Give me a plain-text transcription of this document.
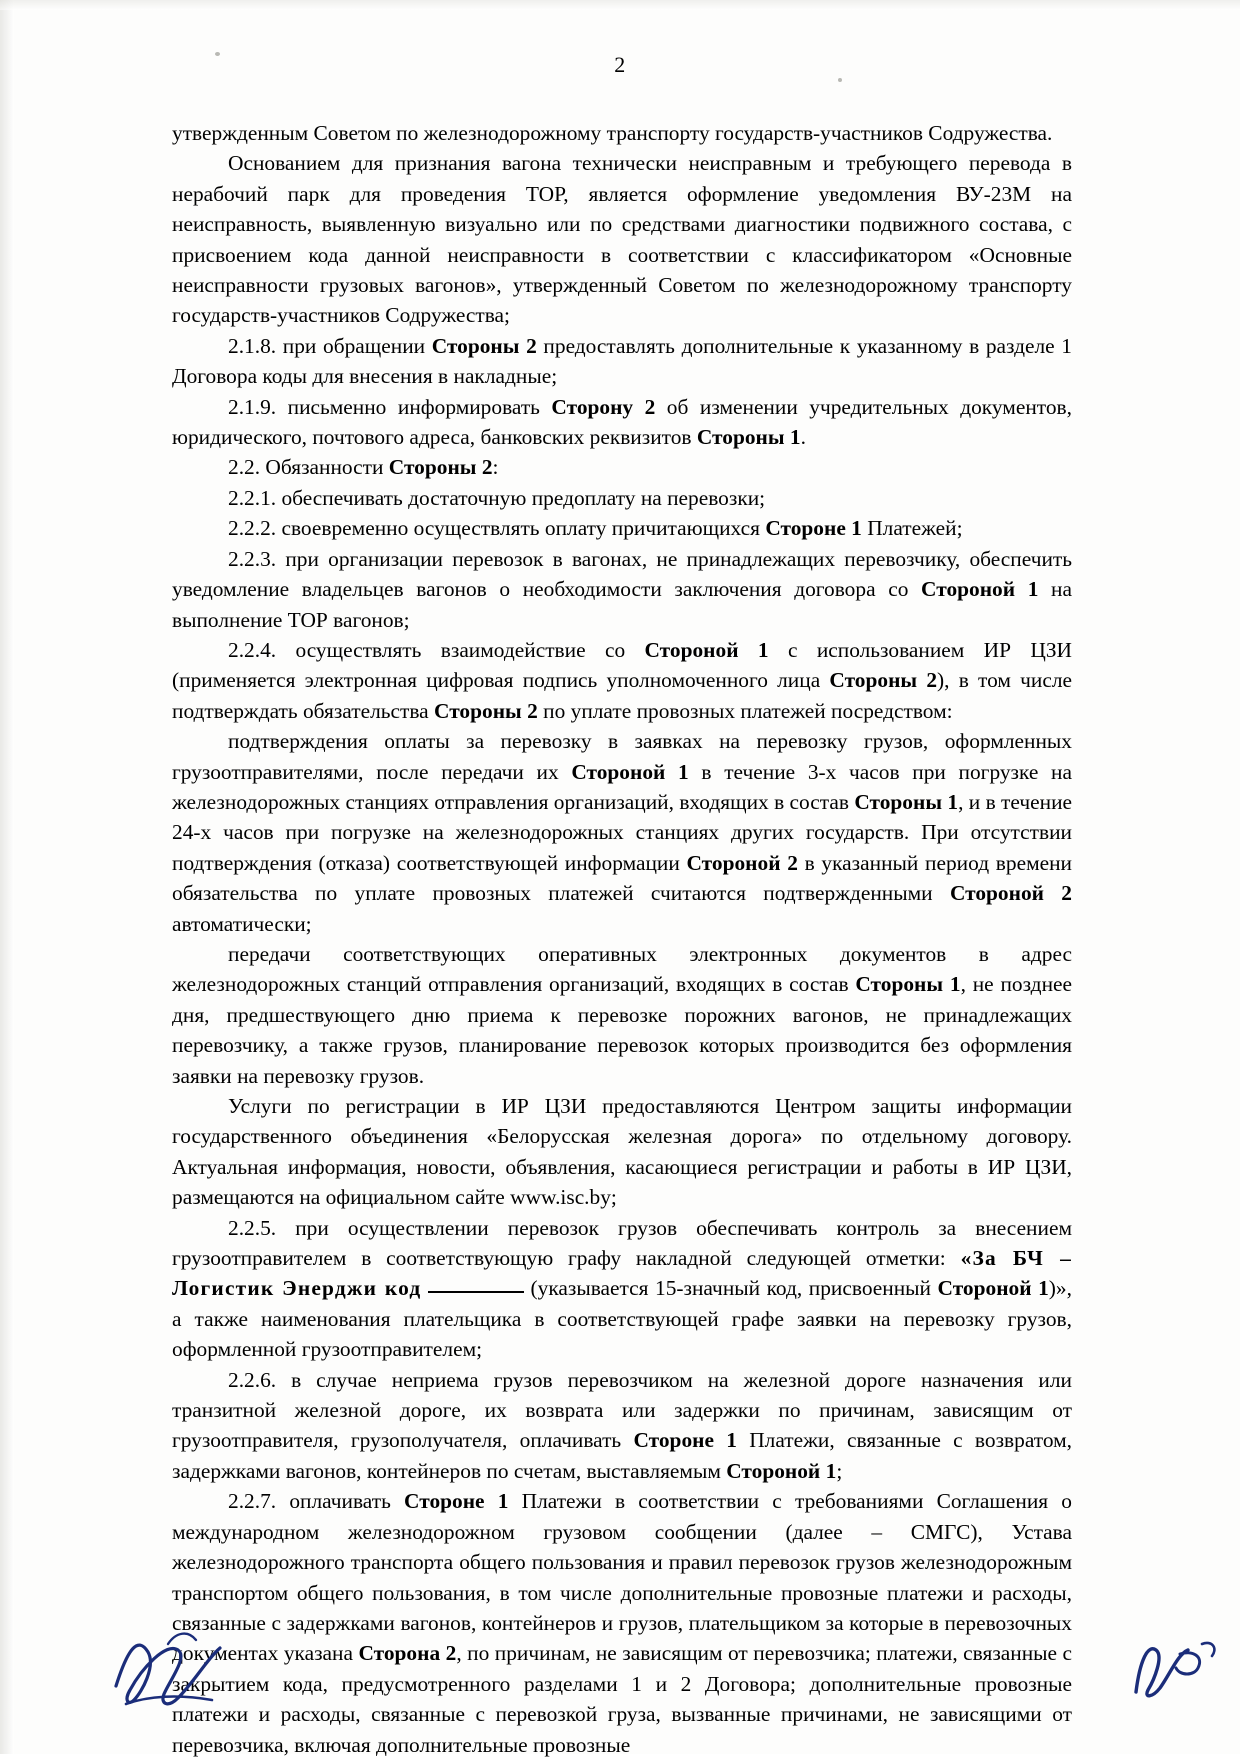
2

утвержденным Советом по железнодорожному транспорту государств-участников Содружества.

Основанием для признания вагона технически неисправным и требующего перевода в нерабочий парк для проведения ТОР, является оформление уведомления ВУ-23М на неисправность, выявленную визуально или по средствами диагностики подвижного состава, с присвоением кода данной неисправности в соответствии с классификатором «Основные неисправности грузовых вагонов», утвержденный Советом по железнодорожному транспорту государств-участников Содружества;

2.1.8. при обращении Стороны 2 предоставлять дополнительные к указанному в разделе 1 Договора коды для внесения в накладные;

2.1.9. письменно информировать Сторону 2 об изменении учредительных документов, юридического, почтового адреса, банковских реквизитов Стороны 1.

2.2. Обязанности Стороны 2:

2.2.1. обеспечивать достаточную предоплату на перевозки;

2.2.2. своевременно осуществлять оплату причитающихся Стороне 1 Платежей;

2.2.3. при организации перевозок в вагонах, не принадлежащих перевозчику, обеспечить уведомление владельцев вагонов о необходимости заключения договора со Стороной 1 на выполнение ТОР вагонов;

2.2.4. осуществлять взаимодействие со Стороной 1 с использованием ИР ЦЗИ (применяется электронная цифровая подпись уполномоченного лица Стороны 2), в том числе подтверждать обязательства Стороны 2 по уплате провозных платежей посредством:

подтверждения оплаты за перевозку в заявках на перевозку грузов, оформленных грузоотправителями, после передачи их Стороной 1 в течение 3-х часов при погрузке на железнодорожных станциях отправления организаций, входящих в состав Стороны 1, и в течение 24-х часов при погрузке на железнодорожных станциях других государств. При отсутствии подтверждения (отказа) соответствующей информации Стороной 2 в указанный период времени обязательства по уплате провозных платежей считаются подтвержденными Стороной 2 автоматически;

передачи соответствующих оперативных электронных документов в адрес железнодорожных станций отправления организаций, входящих в состав Стороны 1, не позднее дня, предшествующего дню приема к перевозке порожних вагонов, не принадлежащих перевозчику, а также грузов, планирование перевозок которых производится без оформления заявки на перевозку грузов.

Услуги по регистрации в ИР ЦЗИ предоставляются Центром защиты информации государственного объединения «Белорусская железная дорога» по отдельному договору. Актуальная информация, новости, объявления, касающиеся регистрации и работы в ИР ЦЗИ, размещаются на официальном сайте www.isc.by;

2.2.5. при осуществлении перевозок грузов обеспечивать контроль за внесением грузоотправителем в соответствующую графу накладной следующей отметки: «За БЧ – Логистик Энерджи код	(указывается 15-значный код, присвоенный Стороной 1)», а также наименования плательщика в соответствующей графе заявки на перевозку грузов, оформленной грузоотправителем;

2.2.6. в случае неприема грузов перевозчиком на железной дороге назначения или транзитной железной дороге, их возврата или задержки по причинам, зависящим от грузоотправителя, грузополучателя, оплачивать Стороне 1 Платежи, связанные с возвратом, задержками вагонов, контейнеров по счетам, выставляемым Стороной 1;

2.2.7. оплачивать Стороне 1 Платежи в соответствии с требованиями Соглашения о международном железнодорожном грузовом сообщении (далее – СМГС), Устава железнодорожного транспорта общего пользования и правил перевозок грузов железнодорожным транспортом общего пользования, в том числе дополнительные провозные платежи и расходы, связанные с задержками вагонов, контейнеров и грузов, плательщиком за которые в перевозочных документах указана Сторона 2, по причинам, не зависящим от перевозчика; платежи, связанные с закрытием кода, предусмотренного разделами 1 и 2 Договора; дополнительные провозные платежи и расходы, связанные с перевозкой груза, вызванные причинами, не зависящими от перевозчика, включая дополнительные провозные
